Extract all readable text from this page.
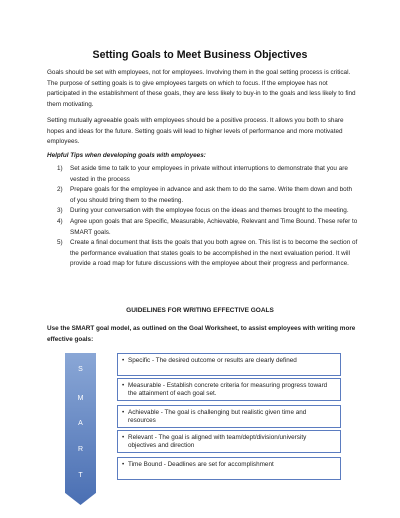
Setting Goals to Meet Business Objectives
Goals should be set with employees, not for employees. Involving them in the goal setting process is critical. The purpose of setting goals is to give employees targets on which to focus. If the employee has not participated in the establishment of these goals, they are less likely to buy-in to the goals and less likely to find them motivating.
Setting mutually agreeable goals with employees should be a positive process. It allows you both to share hopes and ideas for the future. Setting goals will lead to higher levels of performance and more motivated employees.
Helpful Tips when developing goals with employees:
1) Set aside time to talk to your employees in private without interruptions to demonstrate that you are vested in the process
2) Prepare goals for the employee in advance and ask them to do the same. Write them down and both of you should bring them to the meeting.
3) During your conversation with the employee focus on the ideas and themes brought to the meeting.
4) Agree upon goals that are Specific, Measurable, Achievable, Relevant and Time Bound. These refer to SMART goals.
5) Create a final document that lists the goals that you both agree on. This list is to become the section of the performance evaluation that states goals to be accomplished in the next evaluation period. It will provide a road map for future discussions with the employee about their progress and performance.
GUIDELINES FOR WRITING EFFECTIVE GOALS
Use the SMART goal model, as outlined on the Goal Worksheet, to assist employees with writing more effective goals:
S
M
A
R
T
• Specific - The desired outcome or results are clearly defined
• Measurable - Establish concrete criteria for measuring progress toward the attainment of each goal set.
• Achievable - The goal is challenging but realistic given time and resources
• Relevant - The goal is aligned with team/dept/division/university objectives and direction
• Time Bound - Deadlines are set for accomplishment
